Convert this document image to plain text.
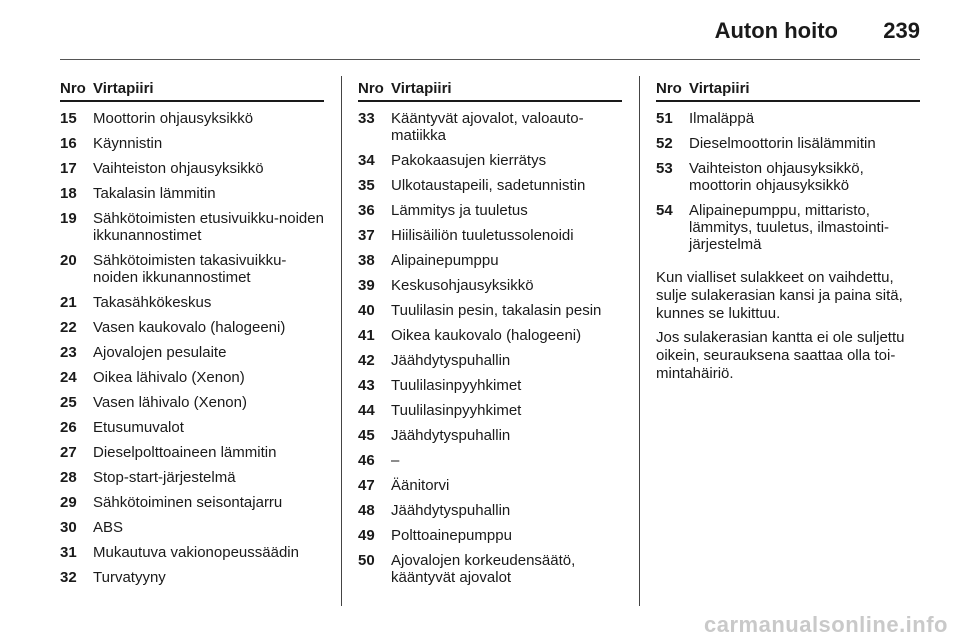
Auton hoito 239
Nro Virtapiiri
15	Moottorin ohjausyksikkö
16	Käynnistin
17	Vaihteiston ohjausyksikkö
18	Takalasin lämmitin
19	Sähkötoimisten etusivuikku-noiden ikkunannostimet
20	Sähkötoimisten takasivuikku-noiden ikkunannostimet
21	Takasähkökeskus
22	Vasen kaukovalo (halogeeni)
23	Ajovalojen pesulaite
24	Oikea lähivalo (Xenon)
25	Vasen lähivalo (Xenon)
26	Etusumuvalot
27	Dieselpolttoaineen lämmitin
28	Stop-start-järjestelmä
29	Sähkötoiminen seisontajarru
30	ABS
31	Mukautuva vakionopeussäädin
32	Turvatyyny
Nro Virtapiiri
33	Kääntyvät ajovalot, valoauto-matiikka
34	Pakokaasujen kierrätys
35	Ulkotaustapeili, sadetunnistin
36	Lämmitys ja tuuletus
37	Hiilisäiliön tuuletussolenoidi
38	Alipainepumppu
39	Keskusohjausyksikkö
40	Tuulilasin pesin, takalasin pesin
41	Oikea kaukovalo (halogeeni)
42	Jäähdytyspuhallin
43	Tuulilasinpyyhkimet
44	Tuulilasinpyyhkimet
45	Jäähdytyspuhallin
46	–
47	Äänitorvi
48	Jäähdytyspuhallin
49	Polttoainepumppu
50	Ajovalojen korkeudensäätö, kääntyvät ajovalot
Nro Virtapiiri
51	Ilmaläppä
52	Dieselmoottorin lisälämmitin
53	Vaihteiston ohjausyksikkö, moottorin ohjausyksikkö
54	Alipainepumppu, mittaristo, lämmitys, tuuletus, ilmastointi-järjestelmä
Kun vialliset sulakkeet on vaihdettu, sulje sulakerasian kansi ja paina sitä, kunnes se lukittuu.
Jos sulakerasian kantta ei ole suljettu oikein, seurauksena saattaa olla toi-mintahäiriö.
carmanualsonline.info
